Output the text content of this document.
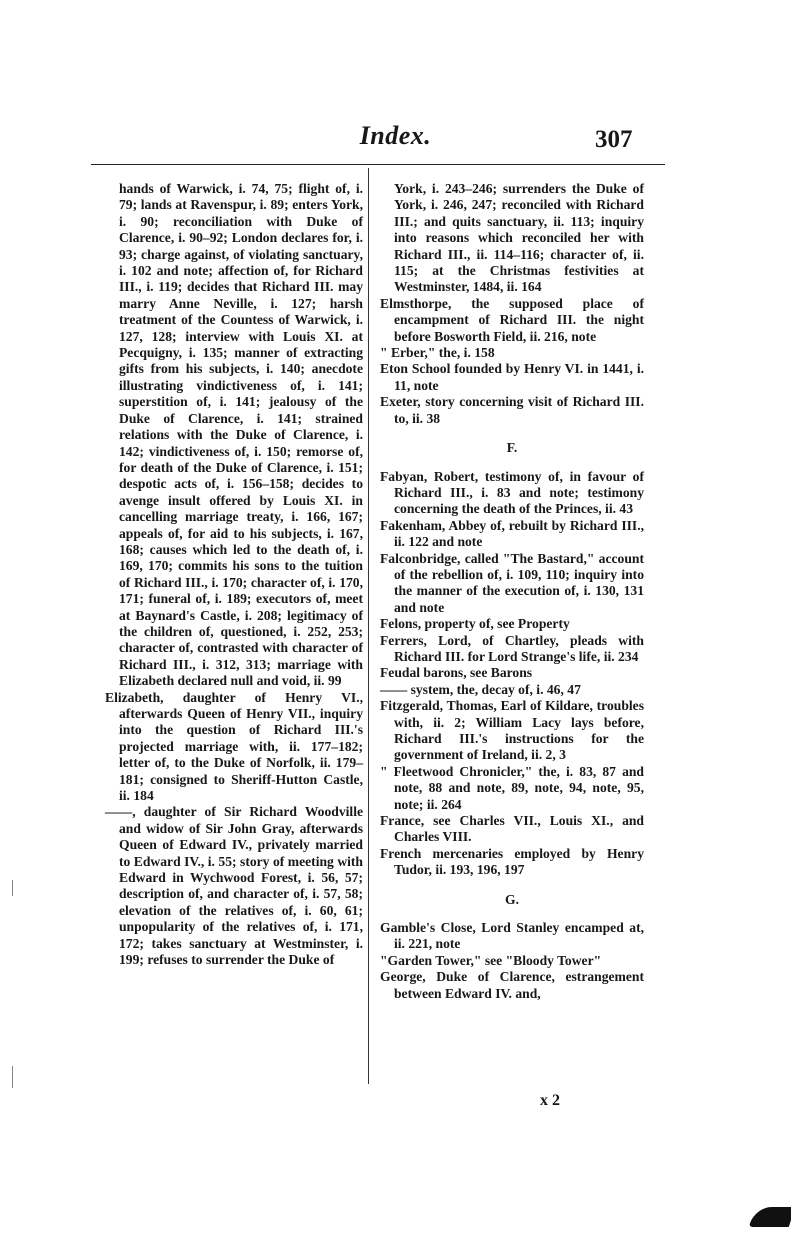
Index.	307
hands of Warwick, i. 74, 75; flight of, i. 79; lands at Ravenspur, i. 89; enters York, i. 90; reconciliation with Duke of Clarence, i. 90–92; London declares for, i. 93; charge against, of violating sanctuary, i. 102 and note; affection of, for Richard III., i. 119; decides that Richard III. may marry Anne Neville, i. 127; harsh treatment of the Countess of Warwick, i. 127, 128; interview with Louis XI. at Pecquigny, i. 135; manner of extracting gifts from his subjects, i. 140; anecdote illustrating vindictiveness of, i. 141; superstition of, i. 141; jealousy of the Duke of Clarence, i. 141; strained relations with the Duke of Clarence, i. 142; vindictiveness of, i. 150; remorse of, for death of the Duke of Clarence, i. 151; despotic acts of, i. 156–158; decides to avenge insult offered by Louis XI. in cancelling marriage treaty, i. 166, 167; appeals of, for aid to his subjects, i. 167, 168; causes which led to the death of, i. 169, 170; commits his sons to the tuition of Richard III., i. 170; character of, i. 170, 171; funeral of, i. 189; executors of, meet at Baynard's Castle, i. 208; legitimacy of the children of, questioned, i. 252, 253; character of, contrasted with character of Richard III., i. 312, 313; marriage with Elizabeth declared null and void, ii. 99
Elizabeth, daughter of Henry VI., afterwards Queen of Henry VII., inquiry into the question of Richard III.'s projected marriage with, ii. 177–182; letter of, to the Duke of Norfolk, ii. 179–181; consigned to Sheriff-Hutton Castle, ii. 184
——, daughter of Sir Richard Woodville and widow of Sir John Gray, afterwards Queen of Edward IV., privately married to Edward IV., i. 55; story of meeting with Edward in Wychwood Forest, i. 56, 57; description of, and character of, i. 57, 58; elevation of the relatives of, i. 60, 61; unpopularity of the relatives of, i. 171, 172; takes sanctuary at Westminster, i. 199; refuses to surrender the Duke of
York, i. 243–246; surrenders the Duke of York, i. 246, 247; reconciled with Richard III.; and quits sanctuary, ii. 113; inquiry into reasons which reconciled her with Richard III., ii. 114–116; character of, ii. 115; at the Christmas festivities at Westminster, 1484, ii. 164
Elmsthorpe, the supposed place of encampment of Richard III. the night before Bosworth Field, ii. 216, note
" Erber," the, i. 158
Eton School founded by Henry VI. in 1441, i. 11, note
Exeter, story concerning visit of Richard III. to, ii. 38
F.
Fabyan, Robert, testimony of, in favour of Richard III., i. 83 and note; testimony concerning the death of the Princes, ii. 43
Fakenham, Abbey of, rebuilt by Richard III., ii. 122 and note
Falconbridge, called "The Bastard," account of the rebellion of, i. 109, 110; inquiry into the manner of the execution of, i. 130, 131 and note
Felons, property of, see Property
Ferrers, Lord, of Chartley, pleads with Richard III. for Lord Strange's life, ii. 234
Feudal barons, see Barons
—— system, the, decay of, i. 46, 47
Fitzgerald, Thomas, Earl of Kildare, troubles with, ii. 2; William Lacy lays before, Richard III.'s instructions for the government of Ireland, ii. 2, 3
" Fleetwood Chronicler," the, i. 83, 87 and note, 88 and note, 89, note, 94, note, 95, note; ii. 264
France, see Charles VII., Louis XI., and Charles VIII.
French mercenaries employed by Henry Tudor, ii. 193, 196, 197
G.
Gamble's Close, Lord Stanley encamped at, ii. 221, note
"Garden Tower," see "Bloody Tower"
George, Duke of Clarence, estrangement between Edward IV. and,
x 2
